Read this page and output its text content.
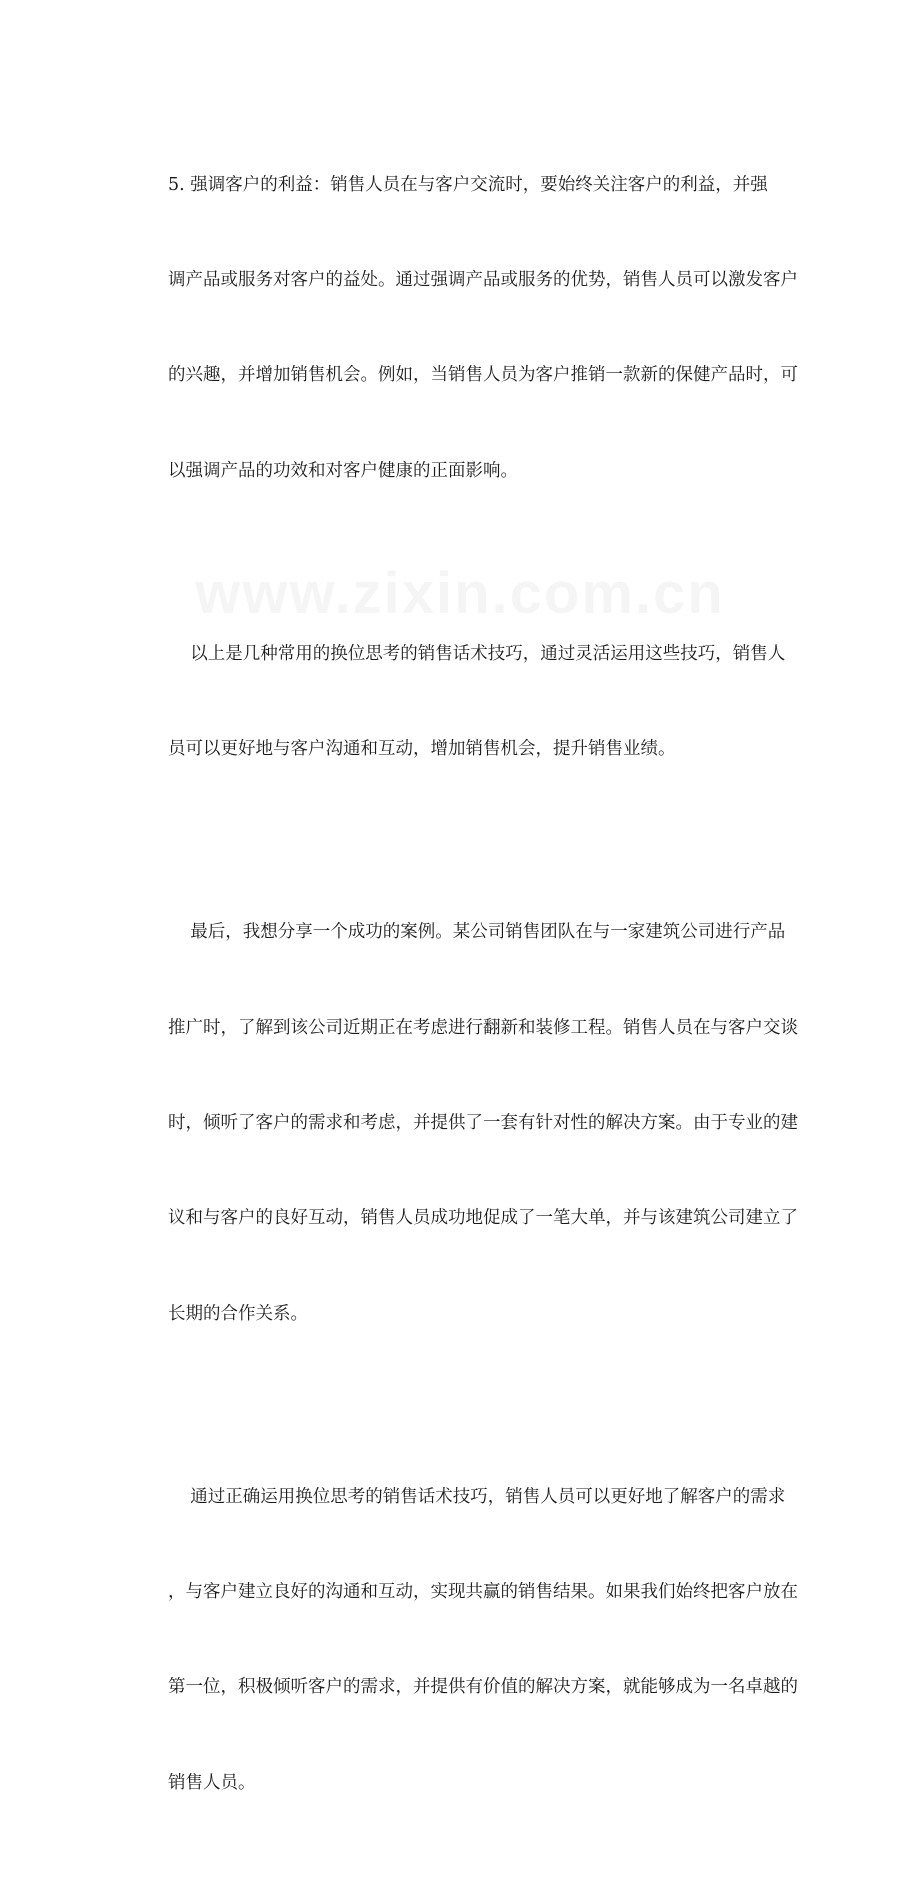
5. 强调客户的利益：销售人员在与客户交流时，要始终关注客户的利益，并强

调产品或服务对客户的益处。通过强调产品或服务的优势，销售人员可以激发客户

的兴趣，并增加销售机会。例如，当销售人员为客户推销一款新的保健产品时，可

以强调产品的功效和对客户健康的正面影响。

以上是几种常用的换位思考的销售话术技巧，通过灵活运用这些技巧，销售人

员可以更好地与客户沟通和互动，增加销售机会，提升销售业绩。

最后，我想分享一个成功的案例。某公司销售团队在与一家建筑公司进行产品

推广时，了解到该公司近期正在考虑进行翻新和装修工程。销售人员在与客户交谈

时，倾听了客户的需求和考虑，并提供了一套有针对性的解决方案。由于专业的建

议和与客户的良好互动，销售人员成功地促成了一笔大单，并与该建筑公司建立了

长期的合作关系。

通过正确运用换位思考的销售话术技巧，销售人员可以更好地了解客户的需求

，与客户建立良好的沟通和互动，实现共赢的销售结果。如果我们始终把客户放在

第一位，积极倾听客户的需求，并提供有价值的解决方案，就能够成为一名卓越的

销售人员。
